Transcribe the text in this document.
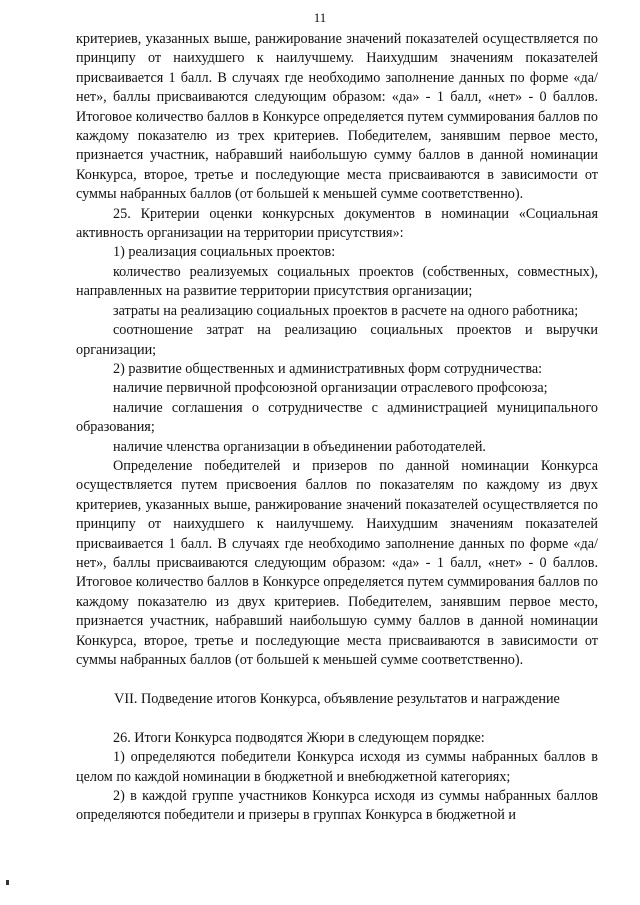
11

критериев, указанных выше, ранжирование значений показателей осуществляется по принципу от наихудшего к наилучшему. Наихудшим значениям показателей присваивается 1 балл. В случаях где необходимо заполнение данных по форме «да/нет», баллы присваиваются следующим образом: «да» - 1 балл, «нет» - 0 баллов. Итоговое количество баллов в Конкурсе определяется путем суммирования баллов по каждому показателю из трех критериев. Победителем, занявшим первое место, признается участник, набравший наибольшую сумму баллов в данной номинации Конкурса, второе, третье и последующие места присваиваются в зависимости от суммы набранных баллов (от большей к меньшей сумме соответственно).

25. Критерии оценки конкурсных документов в номинации «Социальная активность организации на территории присутствия»:

1) реализация социальных проектов:

количество реализуемых социальных проектов (собственных, совместных), направленных на развитие территории присутствия организации;

затраты на реализацию социальных проектов в расчете на одного работника;

соотношение затрат на реализацию социальных проектов и выручки организации;

2) развитие общественных и административных форм сотрудничества:

наличие первичной профсоюзной организации отраслевого профсоюза;

наличие соглашения о сотрудничестве с администрацией муниципального образования;

наличие членства организации в объединении работодателей.

Определение победителей и призеров по данной номинации Конкурса осуществляется путем присвоения баллов по показателям по каждому из двух критериев, указанных выше, ранжирование значений показателей осуществляется по принципу от наихудшего к наилучшему. Наихудшим значениям показателей присваивается 1 балл. В случаях где необходимо заполнение данных по форме «да/нет», баллы присваиваются следующим образом: «да» - 1 балл, «нет» - 0 баллов. Итоговое количество баллов в Конкурсе определяется путем суммирования баллов по каждому показателю из двух критериев. Победителем, занявшим первое место, признается участник, набравший наибольшую сумму баллов в данной номинации Конкурса, второе, третье и последующие места присваиваются в зависимости от суммы набранных баллов (от большей к меньшей сумме соответственно).

VII. Подведение итогов Конкурса, объявление результатов и награждение

26. Итоги Конкурса подводятся Жюри в следующем порядке:

1) определяются победители Конкурса исходя из суммы набранных баллов в целом по каждой номинации в бюджетной и внебюджетной категориях;

2) в каждой группе участников Конкурса исходя из суммы набранных баллов определяются победители и призеры в группах Конкурса в бюджетной и
